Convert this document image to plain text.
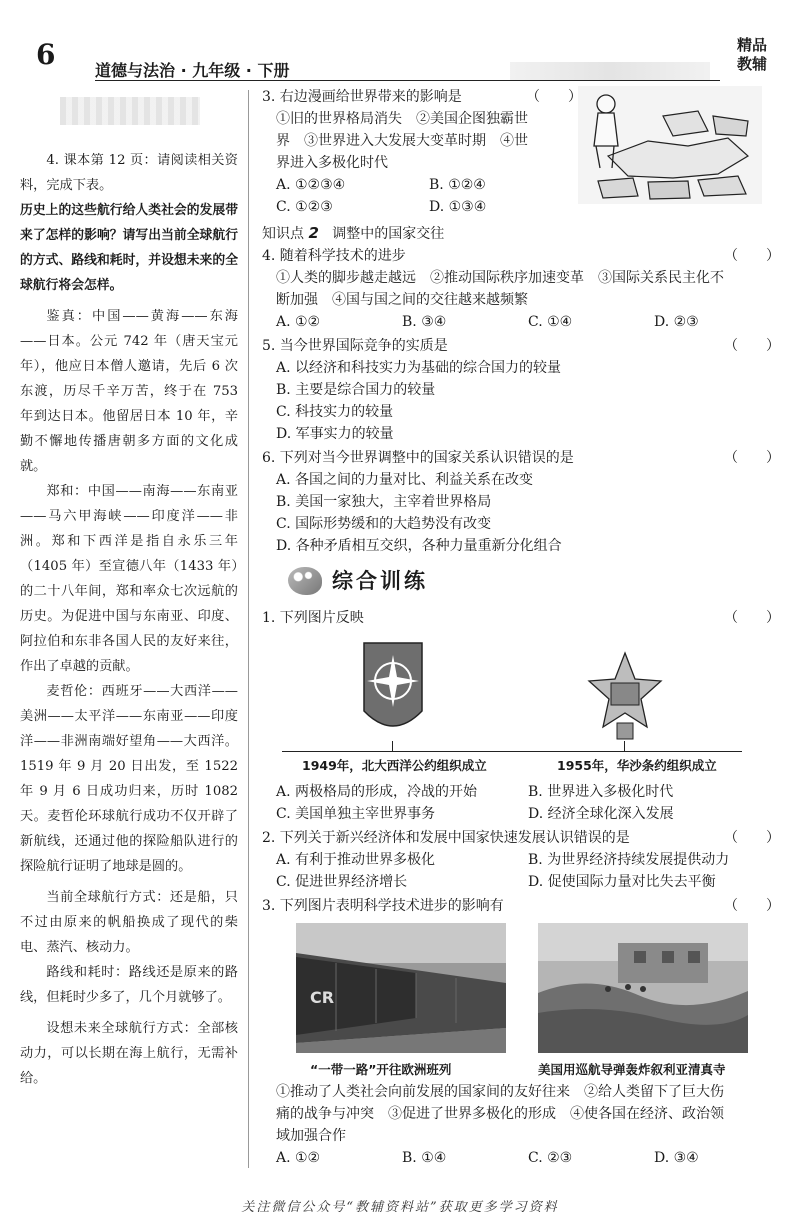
6 道德与法治 · 九年级 · 下册
精品
教辅

4. 课本第 12 页：请阅读相关资料，完成下表。

历史上的这些航行给人类社会的发展带来了怎样的影响？请写出当前全球航行的方式、路线和耗时，并设想未来的全球航行将会怎样。

鉴真：中国——黄海——东海——日本。公元 742 年（唐天宝元年），他应日本僧人邀请，先后 6 次东渡，历尽千辛万苦，终于在 753 年到达日本。他留居日本 10 年，辛勤不懈地传播唐朝多方面的文化成就。

郑和：中国——南海——东南亚——马六甲海峡——印度洋——非洲。郑和下西洋是指自永乐三年（1405 年）至宣德八年（1433 年）的二十八年间，郑和率众七次远航的历史。为促进中国与东南亚、印度、阿拉伯和东非各国人民的友好来往，作出了卓越的贡献。

麦哲伦：西班牙——大西洋——美洲——太平洋——东南亚——印度洋——非洲南端好望角——大西洋。1519 年 9 月 20 日出发，至 1522 年 9 月 6 日成功归来，历时 1082 天。麦哲伦环球航行成功不仅开辟了新航线，还通过他的探险船队进行的探险航行证明了地球是圆的。

当前全球航行方式：还是船，只不过由原来的帆船换成了现代的柴电、蒸汽、核动力。

路线和耗时：路线还是原来的路线，但耗时少多了，几个月就够了。

设想未来全球航行方式：全部核动力，可以长期在海上航行，无需补给。

3. 右边漫画给世界带来的影响是	（　　）
①旧的世界格局消失　②美国企图独霸世
界　③世界进入大发展大变革时期　④世
界进入多极化时代
A. ①②③④	B. ①②④
C. ①②③	D. ①③④
知识点 2 调整中的国家交往
4. 随着科学技术的进步	（　　）
①人类的脚步越走越远　②推动国际秩序加速变革　③国际关系民主化不
断加强　④国与国之间的交往越来越频繁
A. ①②	B. ③④	C. ①④	D. ②③
5. 当今世界国际竞争的实质是	（　　）
A. 以经济和科技实力为基础的综合国力的较量
B. 主要是综合国力的较量
C. 科技实力的较量
D. 军事实力的较量
6. 下列对当今世界调整中的国家关系认识错误的是	（　　）
A. 各国之间的力量对比、利益关系在改变
B. 美国一家独大，主宰着世界格局
C. 国际形势缓和的大趋势没有改变
D. 各种矛盾相互交织，各种力量重新分化组合
综合训练
1. 下列图片反映	（　　）
1949年，北大西洋公约组织成立	1955年，华沙条约组织成立
A. 两极格局的形成，冷战的开始	B. 世界进入多极化时代
C. 美国单独主宰世界事务	D. 经济全球化深入发展
2. 下列关于新兴经济体和发展中国家快速发展认识错误的是	（　　）
A. 有利于推动世界多极化	B. 为世界经济持续发展提供动力
C. 促进世界经济增长	D. 促使国际力量对比失去平衡
3. 下列图片表明科学技术进步的影响有	（　　）
CR
“一带一路”开往欧洲班列	美国用巡航导弹轰炸叙利亚清真寺
①推动了人类社会向前发展的国家间的友好往来　②给人类留下了巨大伤
痛的战争与冲突　③促进了世界多极化的形成　④使各国在经济、政治领
域加强合作
A. ①②	B. ①④	C. ②③	D. ③④
关注微信公众号“教辅资料站”获取更多学习资料
